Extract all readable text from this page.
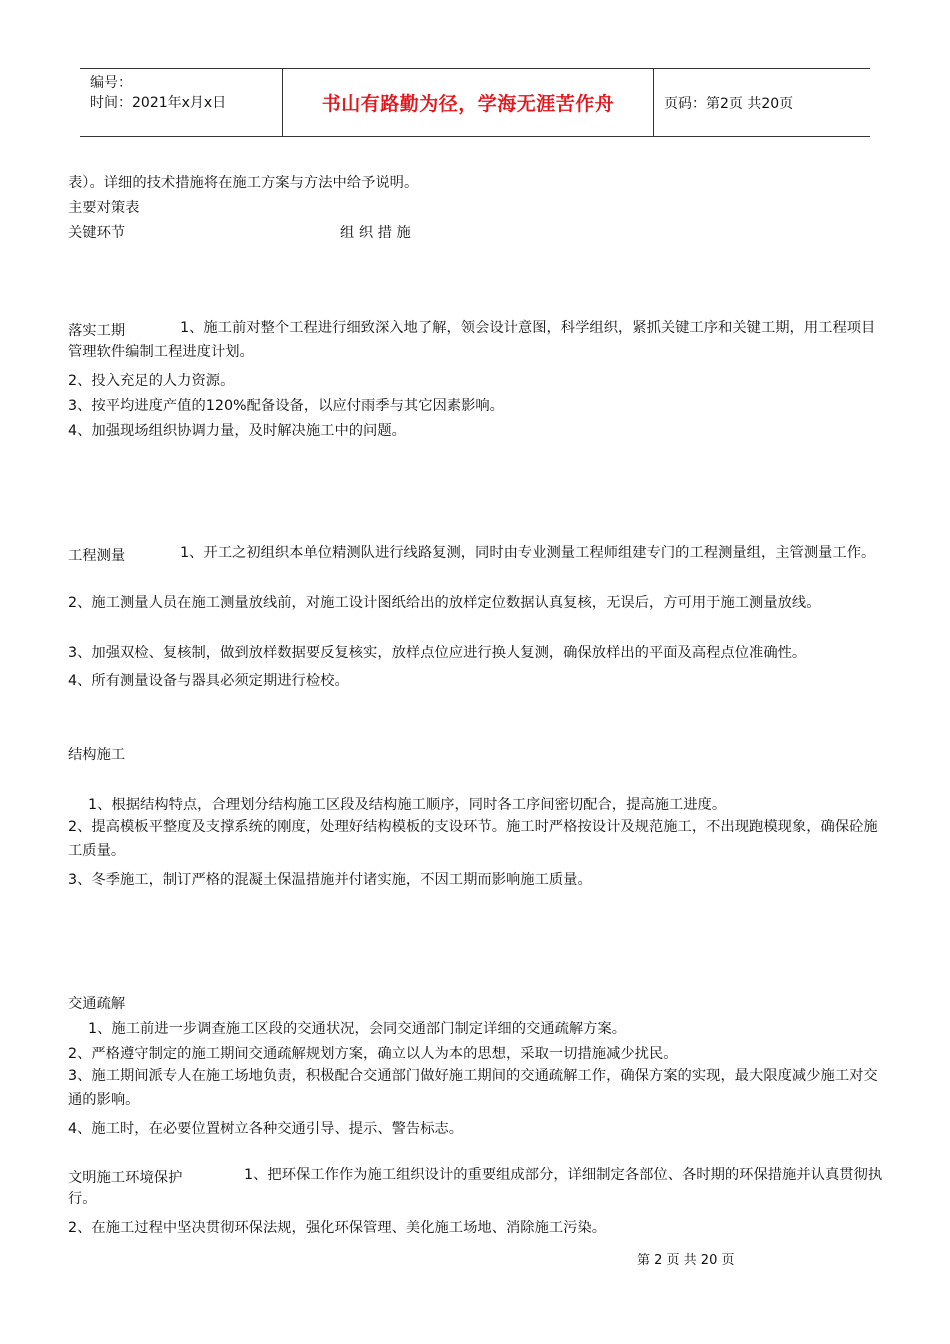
编号：
时间：2021年x月x日	书山有路勤为径，学海无涯苦作舟	页码：第2页 共20页
表）。详细的技术措施将在施工方案与方法中给予说明。
主要对策表
关键环节	组 织 措 施
落实工期	1、施工前对整个工程进行细致深入地了解，领会设计意图，科学组织，紧抓关键工序和关键工期，用工程项目管理软件编制工程进度计划。
2、投入充足的人力资源。
3、按平均进度产值的120%配备设备，以应付雨季与其它因素影响。
4、加强现场组织协调力量，及时解决施工中的问题。
工程测量	1、开工之初组织本单位精测队进行线路复测，同时由专业测量工程师组建专门的工程测量组，主管测量工作。
2、施工测量人员在施工测量放线前，对施工设计图纸给出的放样定位数据认真复核，无误后，方可用于施工测量放线。
3、加强双检、复核制，做到放样数据要反复核实，放样点位应进行换人复测，确保放样出的平面及高程点位准确性。
4、所有测量设备与器具必须定期进行检校。
结构施工
1、根据结构特点，合理划分结构施工区段及结构施工顺序，同时各工序间密切配合，提高施工进度。
2、提高模板平整度及支撑系统的刚度，处理好结构模板的支设环节。施工时严格按设计及规范施工，不出现跑模现象，确保砼施工质量。
3、冬季施工，制订严格的混凝土保温措施并付诸实施，不因工期而影响施工质量。
交通疏解
1、施工前进一步调查施工区段的交通状况，会同交通部门制定详细的交通疏解方案。
2、严格遵守制定的施工期间交通疏解规划方案，确立以人为本的思想，采取一切措施减少扰民。
3、施工期间派专人在施工场地负责，积极配合交通部门做好施工期间的交通疏解工作，确保方案的实现，最大限度减少施工对交通的影响。
4、施工时，在必要位置树立各种交通引导、提示、警告标志。
文明施工环境保护	1、把环保工作作为施工组织设计的重要组成部分，详细制定各部位、各时期的环保措施并认真贯彻执行。
2、在施工过程中坚决贯彻环保法规，强化环保管理、美化施工场地、消除施工污染。
第 2 页 共 20 页
